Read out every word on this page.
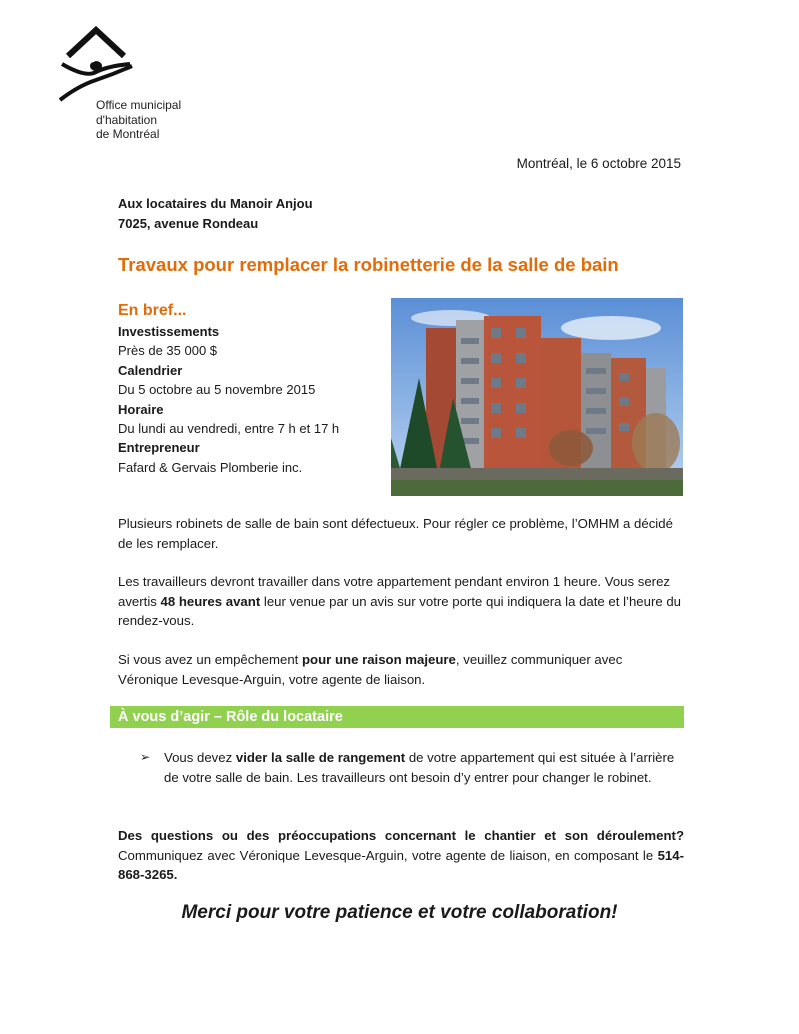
Office municipal
d'habitation
de Montréal
Montréal, le 6 octobre 2015
Aux locataires du Manoir Anjou
7025, avenue Rondeau
Travaux pour remplacer la robinetterie de la salle de bain
En bref...
Investissements
Près de 35 000 $
Calendrier
Du 5 octobre au 5 novembre 2015
Horaire
Du lundi au vendredi, entre 7 h et 17 h
Entrepreneur
Fafard & Gervais Plomberie inc.
Plusieurs robinets de salle de bain sont défectueux. Pour régler ce problème, l’OMHM a décidé de les remplacer.
Les travailleurs devront travailler dans votre appartement pendant environ 1 heure. Vous serez avertis 48 heures avant leur venue par un avis sur votre porte qui indiquera la date et l’heure du rendez-vous.
Si vous avez un empêchement pour une raison majeure, veuillez communiquer avec Véronique Levesque-Arguin, votre agente de liaison.
À vous d’agir – Rôle du locataire
➢ Vous devez vider la salle de rangement de votre appartement qui est située à l’arrière de votre salle de bain. Les travailleurs ont besoin d’y entrer pour changer le robinet.
Des questions ou des préoccupations concernant le chantier et son déroulement? Communiquez avec Véronique Levesque-Arguin, votre agente de liaison, en composant le 514-868-3265.
Merci pour votre patience et votre collaboration!
